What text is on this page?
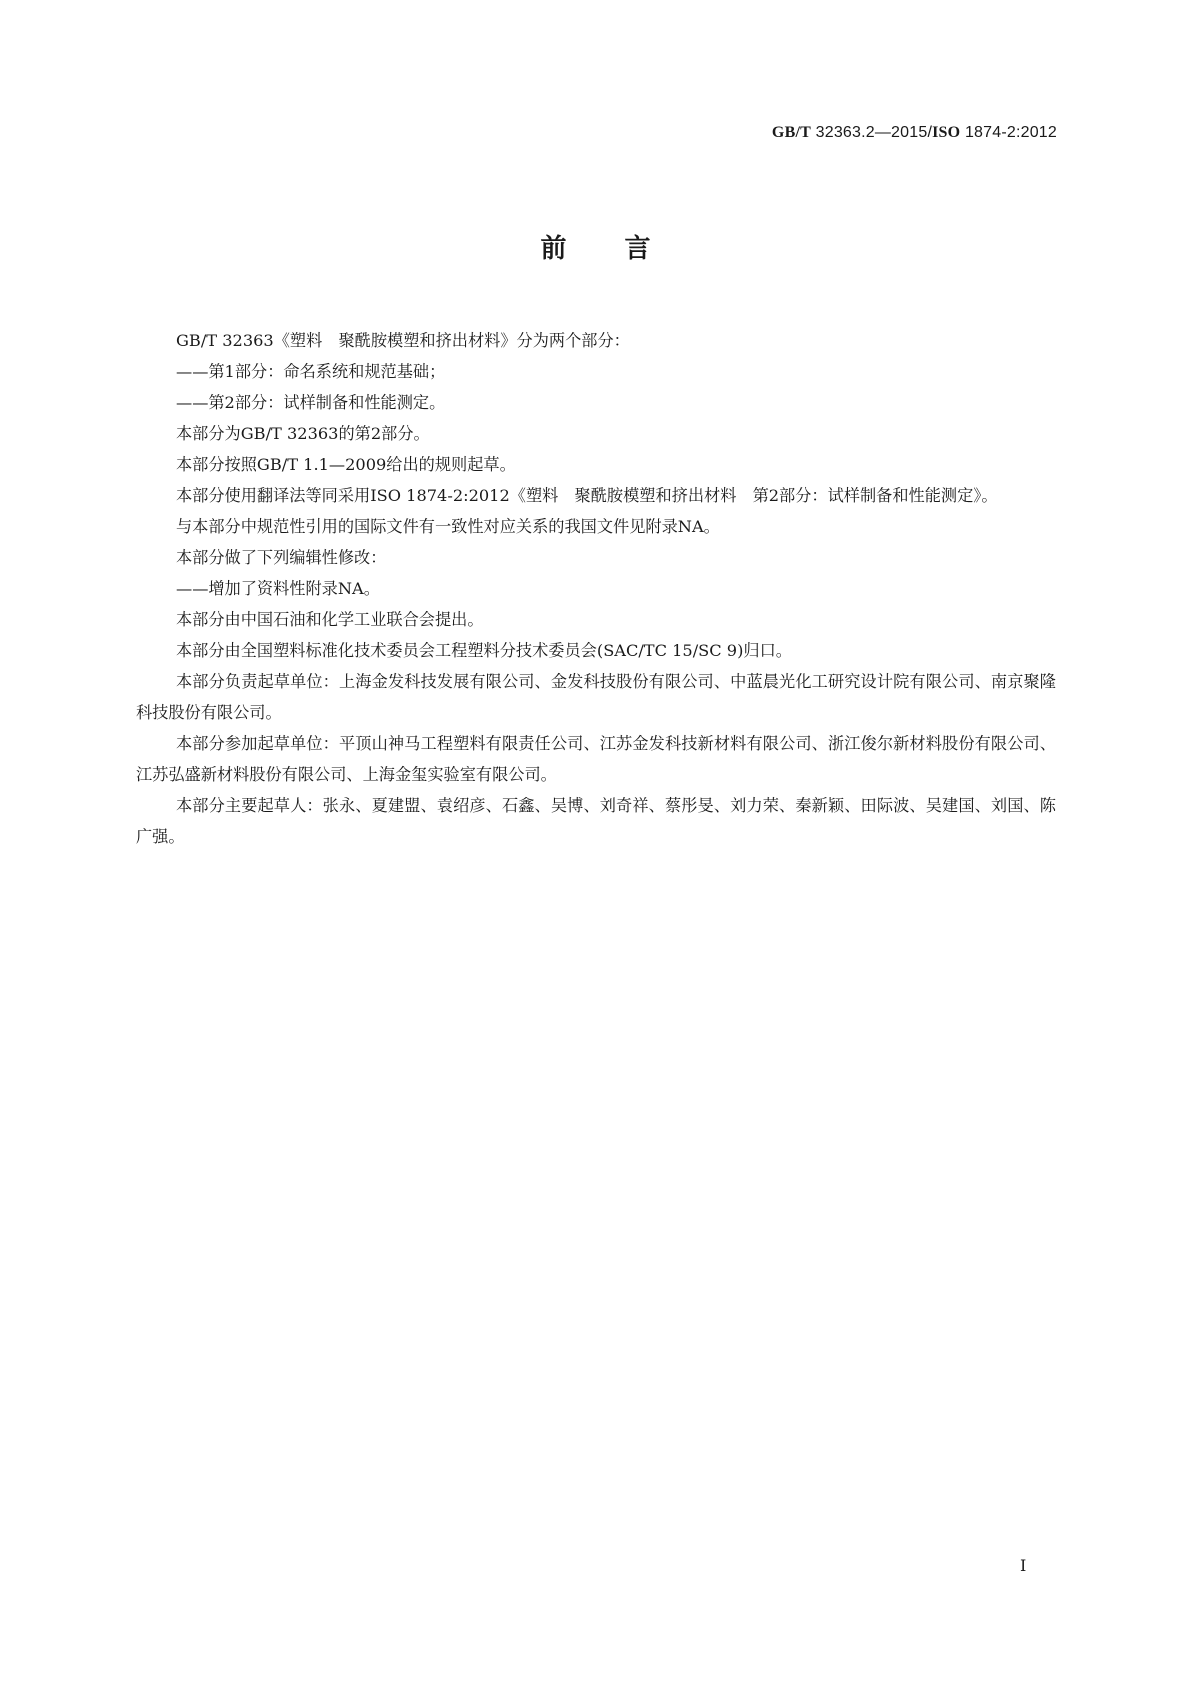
GB/T 32363.2—2015/ISO 1874-2:2012
前言

GB/T 32363《塑料　聚酰胺模塑和挤出材料》分为两个部分：

——第1部分：命名系统和规范基础；

——第2部分：试样制备和性能测定。

本部分为GB/T 32363的第2部分。

本部分按照GB/T 1.1—2009给出的规则起草。

本部分使用翻译法等同采用ISO 1874-2:2012《塑料　聚酰胺模塑和挤出材料　第2部分：试样制备和性能测定》。

与本部分中规范性引用的国际文件有一致性对应关系的我国文件见附录NA。

本部分做了下列编辑性修改：

——增加了资料性附录NA。

本部分由中国石油和化学工业联合会提出。

本部分由全国塑料标准化技术委员会工程塑料分技术委员会(SAC/TC 15/SC 9)归口。

本部分负责起草单位：上海金发科技发展有限公司、金发科技股份有限公司、中蓝晨光化工研究设计院有限公司、南京聚隆科技股份有限公司。

本部分参加起草单位：平顶山神马工程塑料有限责任公司、江苏金发科技新材料有限公司、浙江俊尔新材料股份有限公司、江苏弘盛新材料股份有限公司、上海金玺实验室有限公司。

本部分主要起草人：张永、夏建盟、袁绍彦、石鑫、吴博、刘奇祥、蔡彤旻、刘力荣、秦新颖、田际波、吴建国、刘国、陈广强。

I
